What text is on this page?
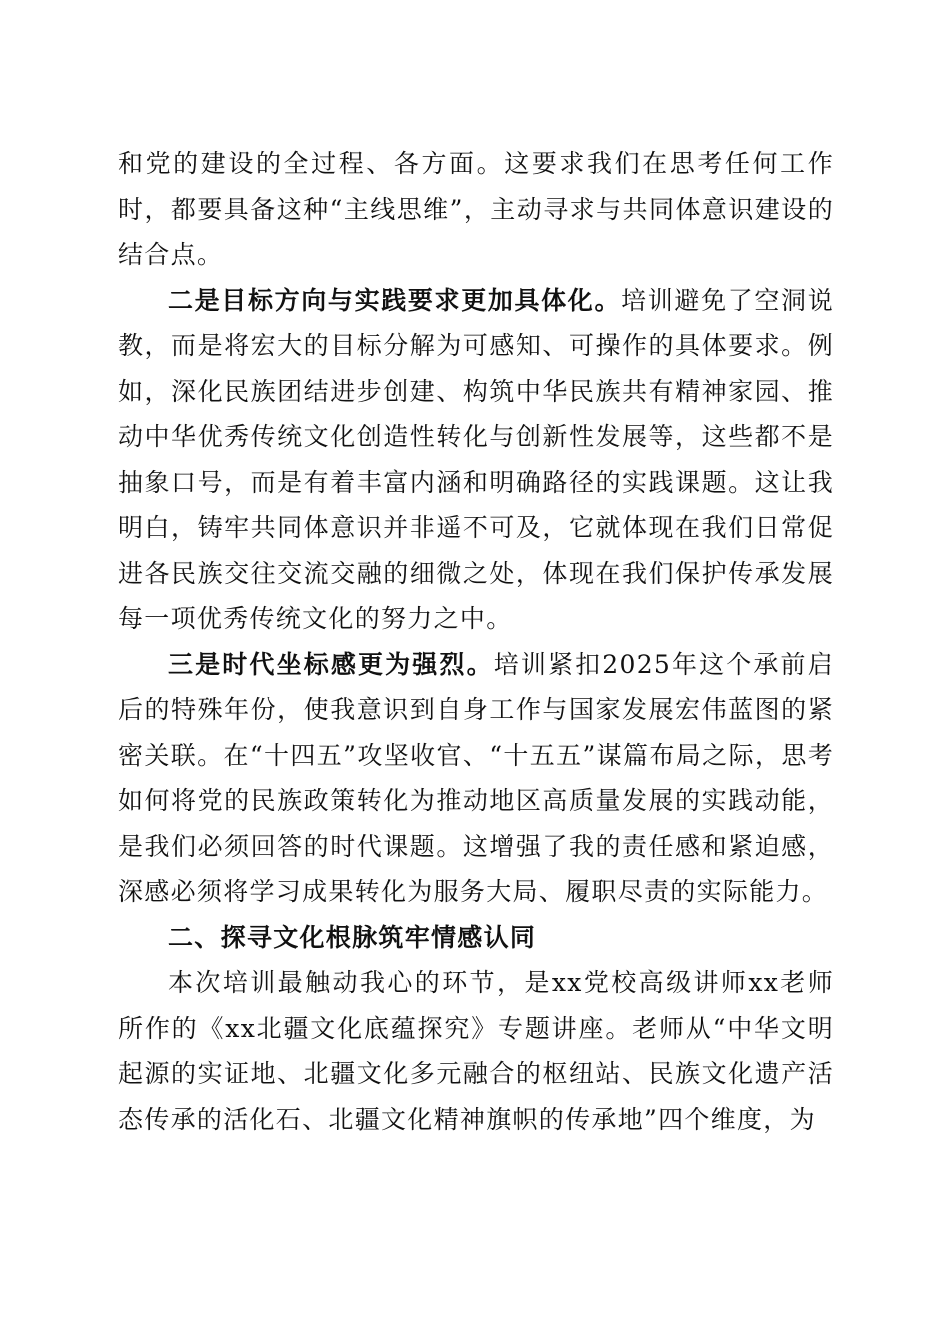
和党的建设的全过程、各方面。这要求我们在思考任何工作时，都要具备这种“主线思维”，主动寻求与共同体意识建设的结合点。

二是目标方向与实践要求更加具体化。培训避免了空洞说教，而是将宏大的目标分解为可感知、可操作的具体要求。例如，深化民族团结进步创建、构筑中华民族共有精神家园、推动中华优秀传统文化创造性转化与创新性发展等，这些都不是抽象口号，而是有着丰富内涵和明确路径的实践课题。这让我明白，铸牢共同体意识并非遥不可及，它就体现在我们日常促进各民族交往交流交融的细微之处，体现在我们保护传承发展每一项优秀传统文化的努力之中。

三是时代坐标感更为强烈。培训紧扣2025年这个承前启后的特殊年份，使我意识到自身工作与国家发展宏伟蓝图的紧密关联。在“十四五”攻坚收官、“十五五”谋篇布局之际，思考如何将党的民族政策转化为推动地区高质量发展的实践动能，是我们必须回答的时代课题。这增强了我的责任感和紧迫感，深感必须将学习成果转化为服务大局、履职尽责的实际能力。

二、探寻文化根脉筑牢情感认同

本次培训最触动我心的环节，是xx党校高级讲师xx老师所作的《xx北疆文化底蕴探究》专题讲座。老师从“中华文明起源的实证地、北疆文化多元融合的枢纽站、民族文化遗产活态传承的活化石、北疆文化精神旗帜的传承地”四个维度，为
